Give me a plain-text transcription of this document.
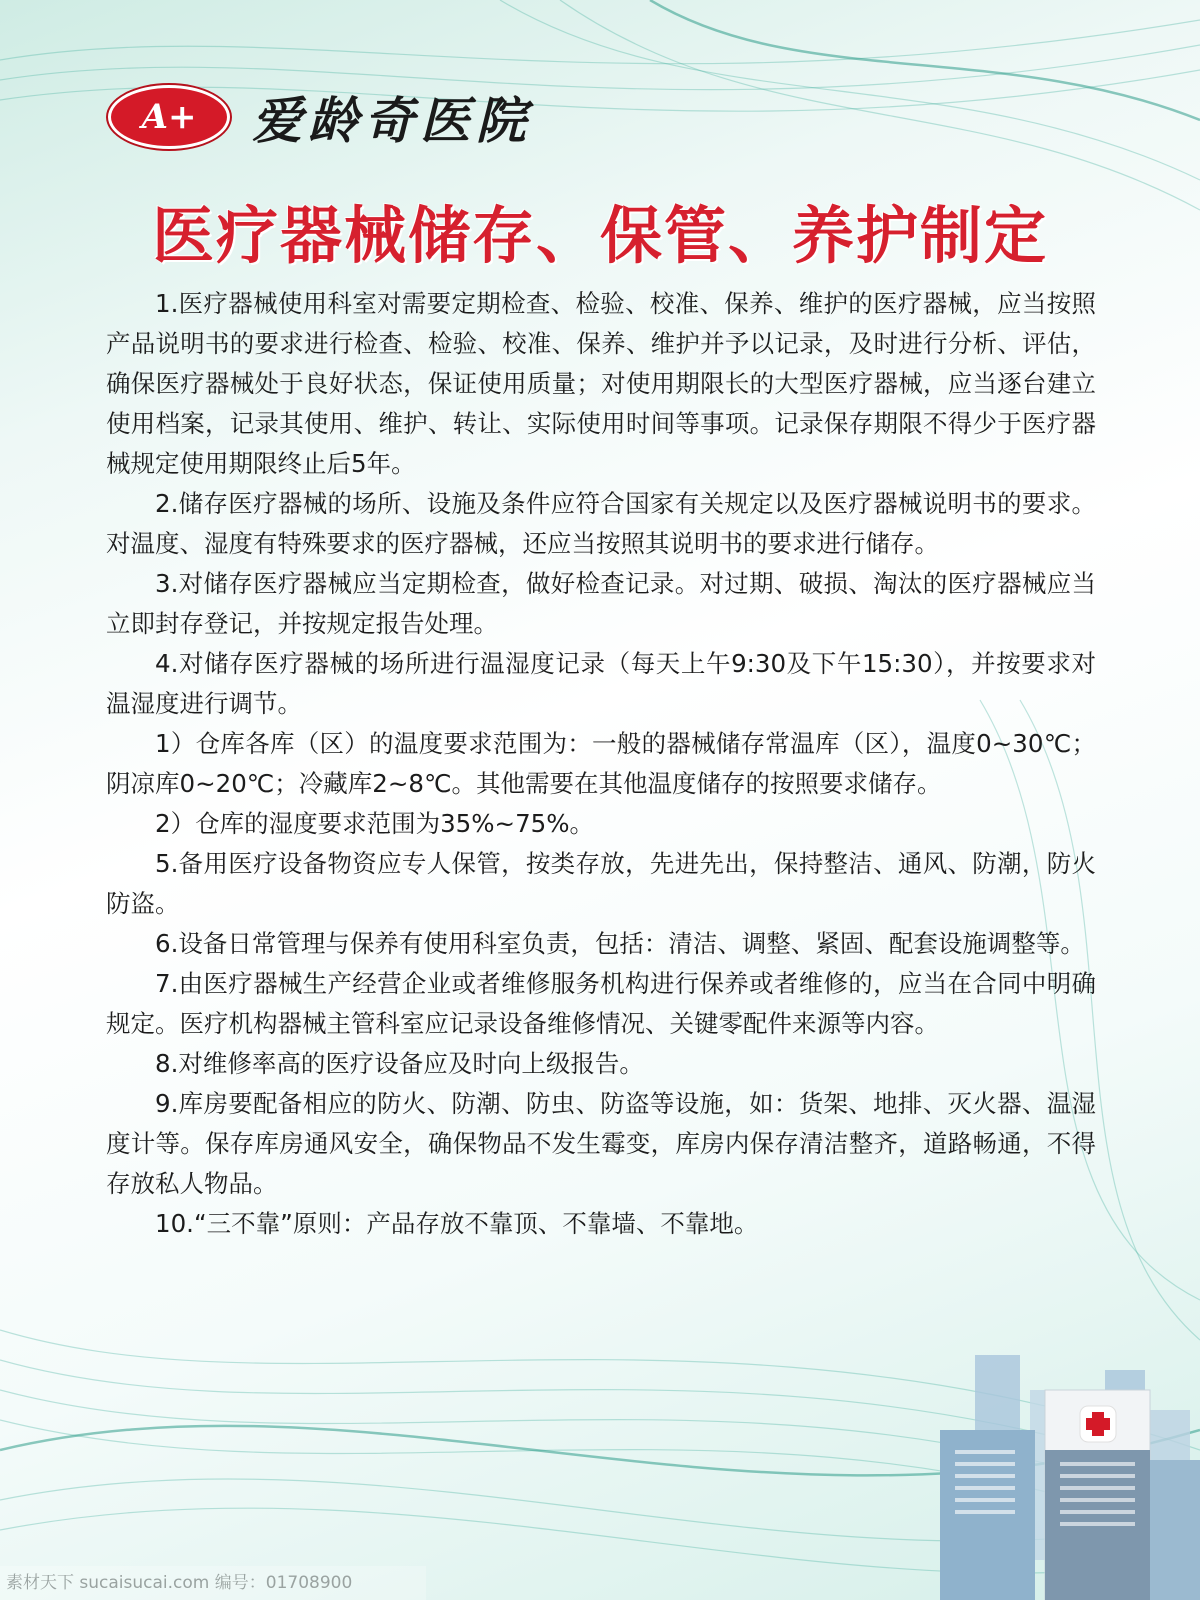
A+	爱龄奇医院
医疗器械储存、保管、养护制定

1.医疗器械使用科室对需要定期检查、检验、校准、保养、维护的医疗器械，应当按照产品说明书的要求进行检查、检验、校准、保养、维护并予以记录，及时进行分析、评估，确保医疗器械处于良好状态，保证使用质量；对使用期限长的大型医疗器械，应当逐台建立使用档案，记录其使用、维护、转让、实际使用时间等事项。记录保存期限不得少于医疗器械规定使用期限终止后5年。

2.储存医疗器械的场所、设施及条件应符合国家有关规定以及医疗器械说明书的要求。对温度、湿度有特殊要求的医疗器械，还应当按照其说明书的要求进行储存。

3.对储存医疗器械应当定期检查，做好检查记录。对过期、破损、淘汰的医疗器械应当立即封存登记，并按规定报告处理。

4.对储存医疗器械的场所进行温湿度记录（每天上午9:30及下午15:30），并按要求对温湿度进行调节。

1）仓库各库（区）的温度要求范围为：一般的器械储存常温库（区），温度0~30℃；阴凉库0~20℃；冷藏库2~8℃。其他需要在其他温度储存的按照要求储存。

2）仓库的湿度要求范围为35%~75%。

5.备用医疗设备物资应专人保管，按类存放，先进先出，保持整洁、通风、防潮，防火防盗。

6.设备日常管理与保养有使用科室负责，包括：清洁、调整、紧固、配套设施调整等。

7.由医疗器械生产经营企业或者维修服务机构进行保养或者维修的，应当在合同中明确规定。医疗机构器械主管科室应记录设备维修情况、关键零配件来源等内容。

8.对维修率高的医疗设备应及时向上级报告。

9.库房要配备相应的防火、防潮、防虫、防盗等设施，如：货架、地排、灭火器、温湿度计等。保存库房通风安全，确保物品不发生霉变，库房内保存清洁整齐，道路畅通，不得存放私人物品。

10.“三不靠”原则：产品存放不靠顶、不靠墙、不靠地。

素材天下 sucaisucai.com 编号：01708900
